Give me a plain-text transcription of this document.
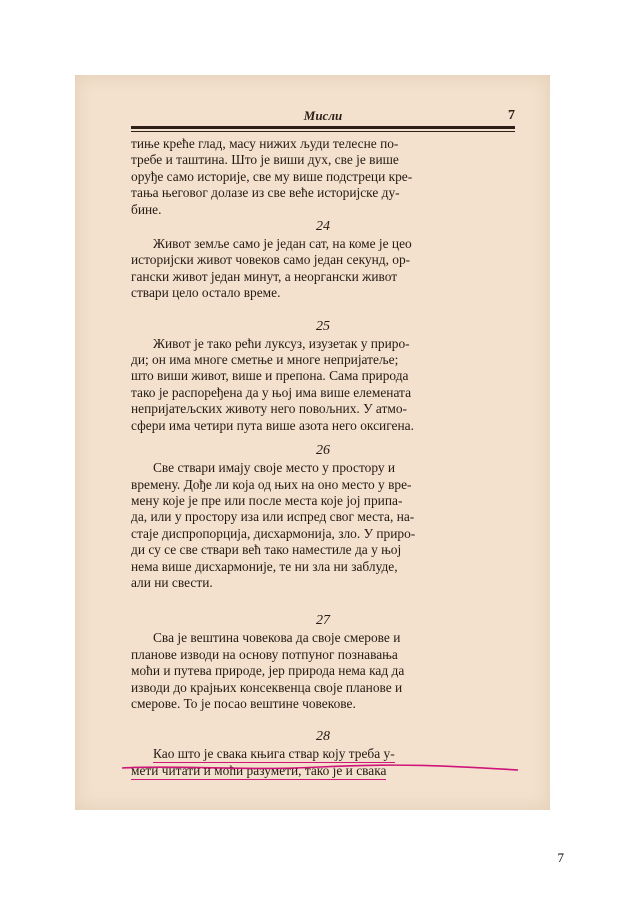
Мисли	7

тиње креће глад, масу нижих људи телесне по-

требе и таштина. Што је виши дух, све је више

оруђе само историје, све му више подстреци кре-

тања његовог долазе из све веће историјске ду-

бине.

24

Живот земље само је један сат, на коме је цео

историјски живот човеков само један секунд, ор-

гански живот један минут, а неоргански живот

ствари цело остало време.

25

Живот је тако реħи луксуз, изузетак у приро-

ди; он има многе сметње и многе непријатеље;

што виши живот, више и препона. Сама природа

тако је распоређена да у њој има више елемената

непријатељских животу него повољних. У атмо-

сфери има четири пута више азота него оксигена.

26

Све ствари имају своје место у простору и

времену. Дође ли која од њих на оно место у вре-

мену које је пре или после места које јој припа-

да, или у простору иза или испред свог места, на-

стаје диспропорција, дисхармонија, зло. У приро-

ди су се све ствари већ тако наместиле да у њој

нема више дисхармоније, те ни зла ни заблуде,

али ни свести.

27

Сва је вештина човекова да своје смерове и

планове изводи на основу потпуног познавања

моћи и путева природе, јер природа нема кад да

изводи до крајњих консеквенца своје планове и

смерове. То је посао вештине човекове.

28

Као што је свака књига ствар коју треба у-

мети читати и моћи разумети, тако је и свака

7
